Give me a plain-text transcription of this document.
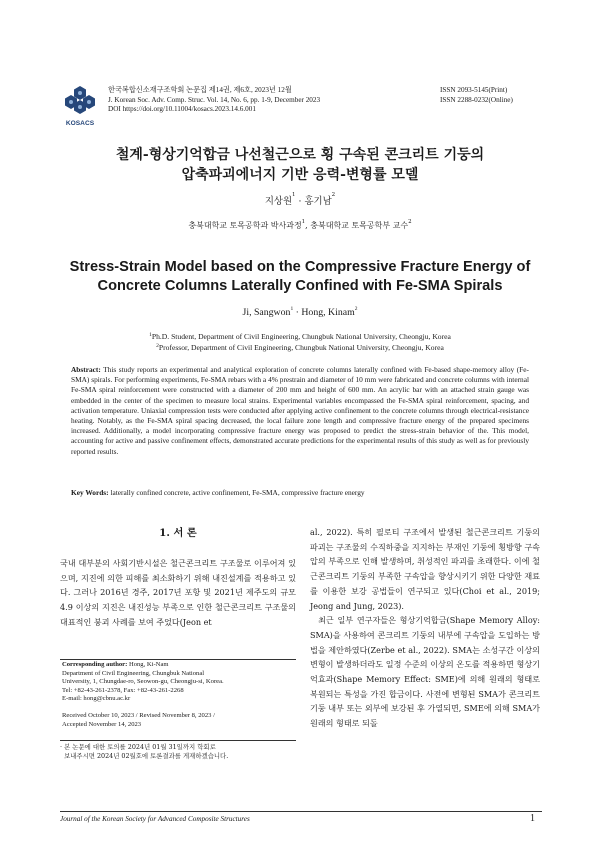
KOSACS
한국복합신소재구조학회 논문집 제14권, 제6호, 2023년 12월
J. Korean Soc. Adv. Comp. Struc. Vol. 14, No. 6, pp. 1-9, December 2023
DOI https://doi.org/10.11004/kosacs.2023.14.6.001
ISSN 2093-5145(Print)
ISSN 2288-0232(Online)
철계-형상기억합금 나선철근으로 횡 구속된 콘크리트 기둥의
압축파괴에너지 기반 응력-변형률 모델
지상원$^1$ · 홍기남$^2$
충북대학교 토목공학과 박사과정$^1$, 충북대학교 토목공학부 교수$^2$
Stress-Strain Model based on the Compressive Fracture Energy of
Concrete Columns Laterally Confined with Fe-SMA Spirals
Ji, Sangwon$^1$ · Hong, Kinam$^2$
$^1$Ph.D. Student, Department of Civil Engineering, Chungbuk National University, Cheongju, Korea
$^2$Professor, Department of Civil Engineering, Chungbuk National University, Cheongju, Korea
Abstract: This study reports an experimental and analytical exploration of concrete columns laterally confined with Fe-based shape-memory alloy (Fe-SMA) spirals. For performing experiments, Fe-SMA rebars with a 4% prestrain and diameter of 10 mm were fabricated and concrete columns with internal Fe-SMA spiral reinforcement were constructed with a diameter of 200 mm and height of 600 mm. An acrylic bar with an attached strain gauge was embedded in the center of the specimen to measure local strains. Experimental variables encompassed the Fe-SMA spiral reinforcement, spacing, and activation temperature. Uniaxial compression tests were conducted after applying active confinement to the concrete columns through electrical-resistance heating. Notably, as the Fe-SMA spiral spacing decreased, the local failure zone length and compressive fracture energy of the prepared specimens increased. Additionally, a model incorporating compressive fracture energy was proposed to predict the stress-strain behavior of the. This model, accounting for active and passive confinement effects, demonstrated accurate predictions for the experimental results of this study as well as for previously reported results.
Key Words: laterally confined concrete, active confinement, Fe-SMA, compressive fracture energy
1. 서 론
국내 대부분의 사회기반시설은 철근콘크리트 구조물로 이루어져 있으며, 지진에 의한 피해를 최소화하기 위해 내진설계를 적용하고 있다. 그러나 2016년 경주, 2017년 포항 및 2021년 제주도의 규모 4.9 이상의 지진은 내진성능 부족으로 인한 철근콘크리트 구조물의 대표적인 붕괴 사례를 보여 주었다(Jeon et
al., 2022). 특히 필로티 구조에서 발생된 철근콘크리트 기둥의 파괴는 구조물의 수직하중을 지지하는 부재인 기둥에 횡방향 구속압의 부족으로 인해 발생하며, 취성적인 파괴를 초래한다. 이에 철근콘크리트 기둥의 부족한 구속압을 향상시키기 위한 다양한 재료를 이용한 보강 공법들이 연구되고 있다(Choi et al., 2019; Jeong and Jung, 2023).
최근 일부 연구자들은 형상기억합금(Shape Memory Alloy: SMA)을 사용하여 콘크리트 기둥의 내부에 구속압을 도입하는 방법을 제안하였다(Zerbe et al., 2022). SMA는 소성구간 이상의 변형이 발생하더라도 일정 수준의 이상의 온도를 적용하면 형상기억효과(Shape Memory Effect: SME)에 의해 원래의 형태로 복원되는 특성을 가진 합금이다. 사전에 변형된 SMA가 콘크리트 기둥 내부 또는 외부에 보강된 후 가열되면, SME에 의해 SMA가 원래의 형태로 되돌
Corresponding author: Hong, Ki-Nam
Department of Civil Engineering, Chungbuk National
University, 1, Chungdae-ro, Seowon-gu, Cheongju-si, Korea.
Tel: +82-43-261-2378, Fax: +82-43-261-2268
E-mail: hong@cbnu.ac.kr
Received October 10, 2023 / Revised November 8, 2023 /
Accepted November 14, 2023
· 본 논문에 대한 토의를 2024년 01월 31일까지 학회로
보내주시면 2024년 02월호에 토론결과를 게재하겠습니다.
Journal of the Korean Society for Advanced Composite Structures	1
